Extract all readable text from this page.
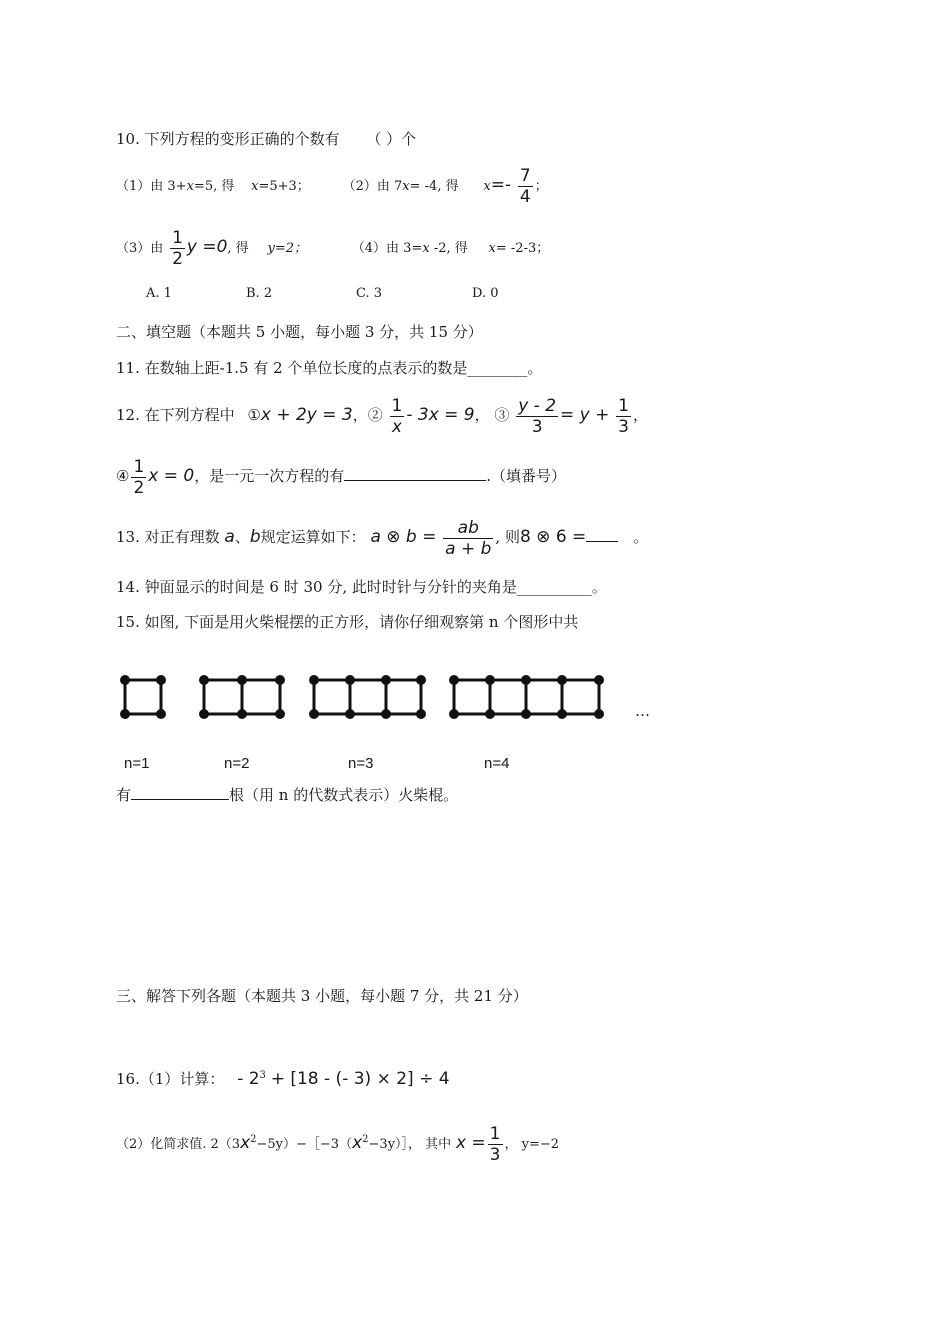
10. 下列方程的变形正确的个数有 （ ）个
（1）由 3+x=5, 得 x=5+3；	（2）由 7x= -4, 得 $x=- \frac{7}{4}$ ；
（3）由 $\frac{1}{2}$ y =0, 得 y=2；	（4）由 3=x -2, 得 x= -2-3；
A. 1	B. 2	C. 3	D. 0
二、填空题（本题共 5 小题，每小题 3 分，共 15 分）
11. 在数轴上距-1.5 有 2 个单位长度的点表示的数是________。
12. 在下列方程中 ①x + 2y = 3，② $\frac{1}{x} - 3x = 9$， ③ $\frac{y - 2}{3} = y + \frac{1}{3}$ ，
④ $\frac{1}{2}$ x = 0，是一元一次方程的有	.（填番号）
13. 对正有理数 a、b规定运算如下： a ⊗ $b = \frac{ab}{a + b}$ , 则8 ⊗ 6 =	。
14. 钟面显示的时间是 6 时 30 分, 此时时针与分针的夹角是__________。
15. 如图, 下面是用火柴棍摆的正方形，请你仔细观察第 n 个图形中共
…
n=1	n=2	n=3	n=4
有	根（用 n 的代数式表示）火柴棍。
三、解答下列各题（本题共 3 小题，每小题 7 分，共 21 分）
16.（1）计算： - $2^3 + [18$ - (- 3) × 2] ÷ 4
（2）化简求值. $2(3x^2-5y)-[-3(x^2-3y)]$， 其中 $x = \frac{1}{3}$ ， y=−2
